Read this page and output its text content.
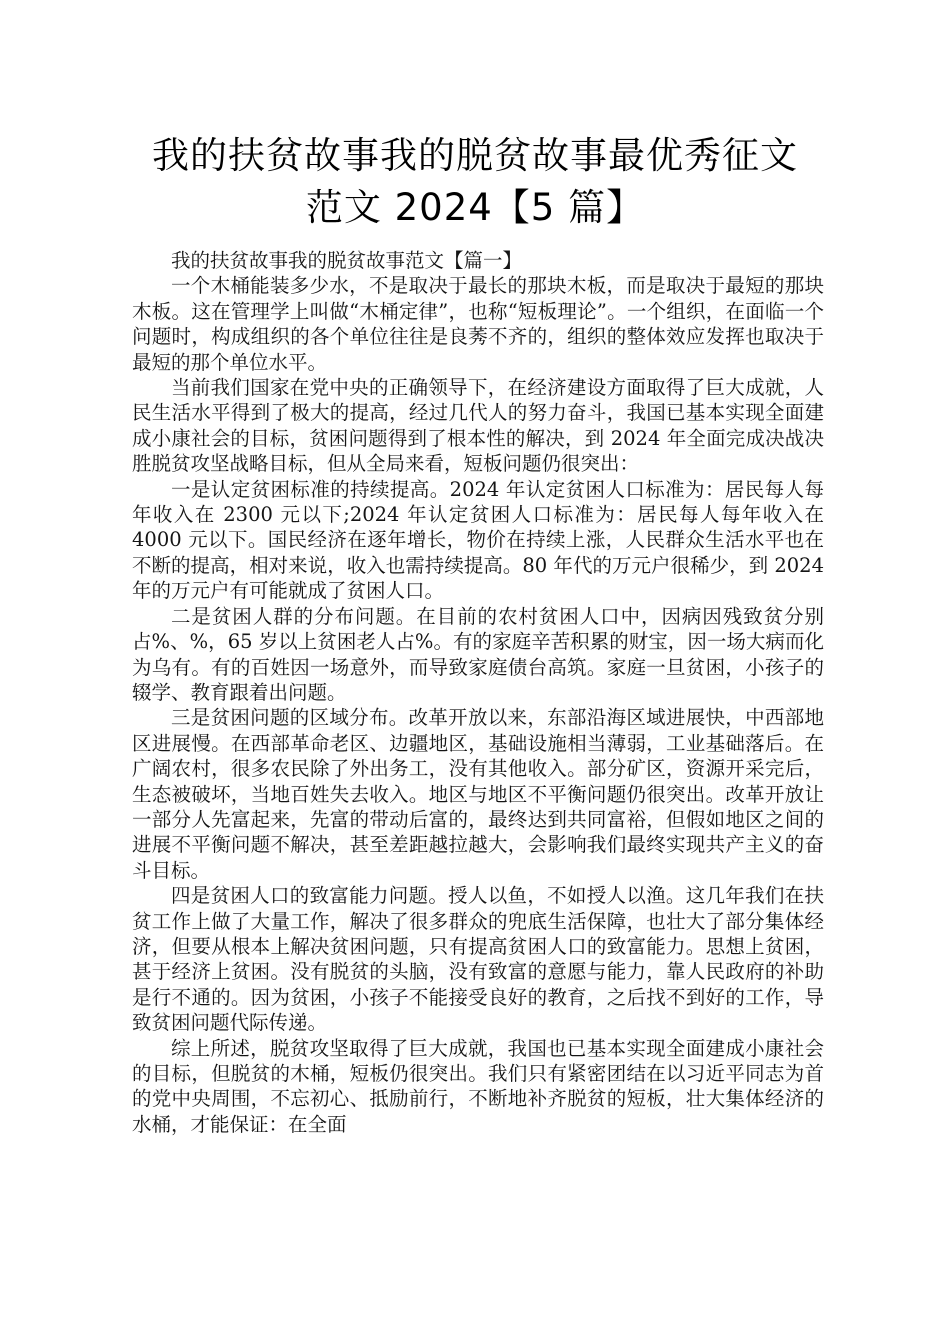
我的扶贫故事我的脱贫故事最优秀征文
范文 2024【5 篇】

我的扶贫故事我的脱贫故事范文【篇一】

一个木桶能装多少水，不是取决于最长的那块木板，而是取决于最短的那块木板。这在管理学上叫做“木桶定律”，也称“短板理论”。一个组织，在面临一个问题时，构成组织的各个单位往往是良莠不齐的，组织的整体效应发挥也取决于最短的那个单位水平。

当前我们国家在党中央的正确领导下，在经济建设方面取得了巨大成就，人民生活水平得到了极大的提高，经过几代人的努力奋斗，我国已基本实现全面建成小康社会的目标，贫困问题得到了根本性的解决，到 2024 年全面完成决战决胜脱贫攻坚战略目标，但从全局来看，短板问题仍很突出：

一是认定贫困标准的持续提高。2024 年认定贫困人口标准为：居民每人每年收入在 2300 元以下;2024 年认定贫困人口标准为：居民每人每年收入在 4000 元以下。国民经济在逐年增长，物价在持续上涨，人民群众生活水平也在不断的提高，相对来说，收入也需持续提高。80 年代的万元户很稀少，到 2024 年的万元户有可能就成了贫困人口。

二是贫困人群的分布问题。在目前的农村贫困人口中，因病因残致贫分别占%、%，65 岁以上贫困老人占%。有的家庭辛苦积累的财宝，因一场大病而化为乌有。有的百姓因一场意外，而导致家庭债台高筑。家庭一旦贫困，小孩子的辍学、教育跟着出问题。

三是贫困问题的区域分布。改革开放以来，东部沿海区域进展快，中西部地区进展慢。在西部革命老区、边疆地区，基础设施相当薄弱，工业基础落后。在广阔农村，很多农民除了外出务工，没有其他收入。部分矿区，资源开采完后，生态被破坏，当地百姓失去收入。地区与地区不平衡问题仍很突出。改革开放让一部分人先富起来，先富的带动后富的，最终达到共同富裕，但假如地区之间的进展不平衡问题不解决，甚至差距越拉越大，会影响我们最终实现共产主义的奋斗目标。

四是贫困人口的致富能力问题。授人以鱼，不如授人以渔。这几年我们在扶贫工作上做了大量工作，解决了很多群众的兜底生活保障，也壮大了部分集体经济，但要从根本上解决贫困问题，只有提高贫困人口的致富能力。思想上贫困，甚于经济上贫困。没有脱贫的头脑，没有致富的意愿与能力，靠人民政府的补助是行不通的。因为贫困，小孩子不能接受良好的教育，之后找不到好的工作，导致贫困问题代际传递。

综上所述，脱贫攻坚取得了巨大成就，我国也已基本实现全面建成小康社会的目标，但脱贫的木桶，短板仍很突出。我们只有紧密团结在以习近平同志为首的党中央周围，不忘初心、抵励前行，不断地补齐脱贫的短板，壮大集体经济的水桶，才能保证：在全面
